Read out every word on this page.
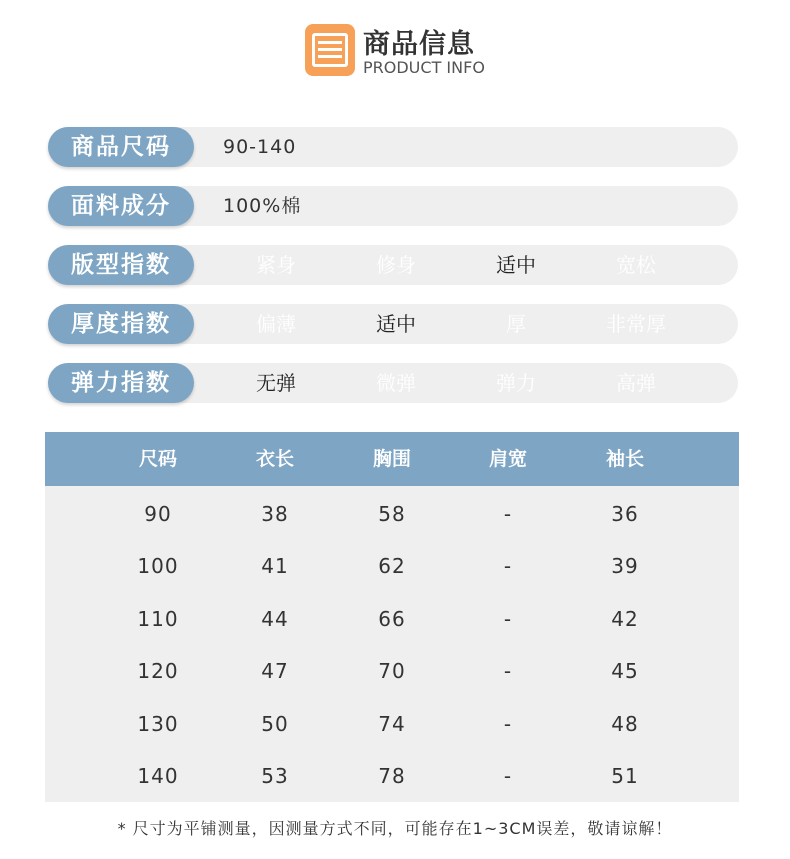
商品信息
PRODUCT INFO
商品尺码	90-140
面料成分	100%棉
版型指数	紧身	修身	适中	宽松
厚度指数	偏薄	适中	厚	非常厚
弹力指数	无弹	微弹	弹力	高弹
尺码	衣长	胸围	肩宽	袖长
90	38	58	-	36
100	41	62	-	39
110	44	66	-	42
120	47	70	-	45
130	50	74	-	48
140	53	78	-	51
* 尺寸为平铺测量，因测量方式不同，可能存在1~3CM误差，敬请谅解！
